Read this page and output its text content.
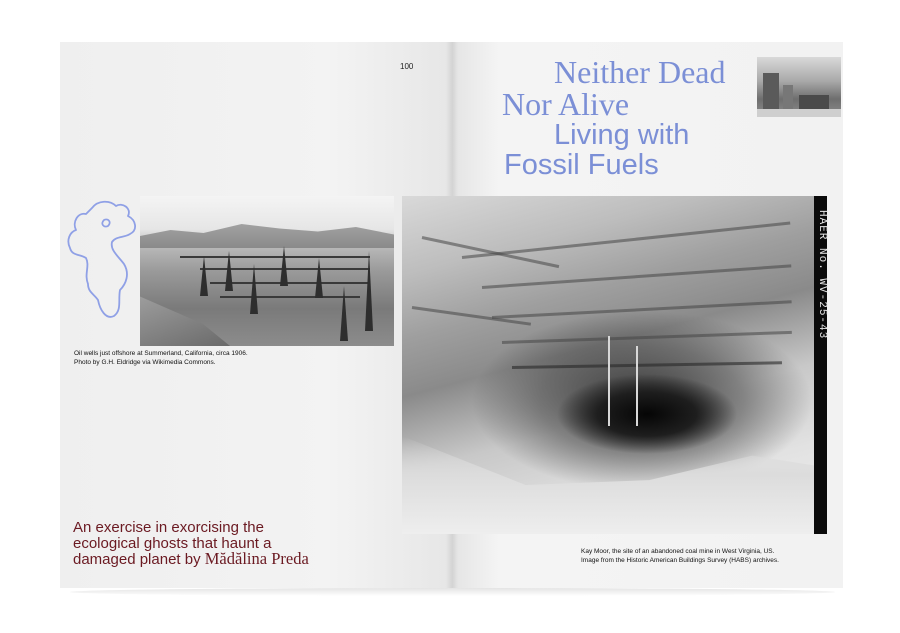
100	Neither Dead
Nor Alive
Living with
Fossil Fuels
Oil wells just offshore at Summerland, California, circa 1906.
Photo by G.H. Eldridge via Wikimedia Commons.
HAER No. WV-25-43
Kay Moor, the site of an abandoned coal mine in West Virginia, US.
Image from the Historic American Buildings Survey (HABS) archives.
An exercise in exorcising the
ecological ghosts that haunt a
damaged planet by Mădălina Preda
